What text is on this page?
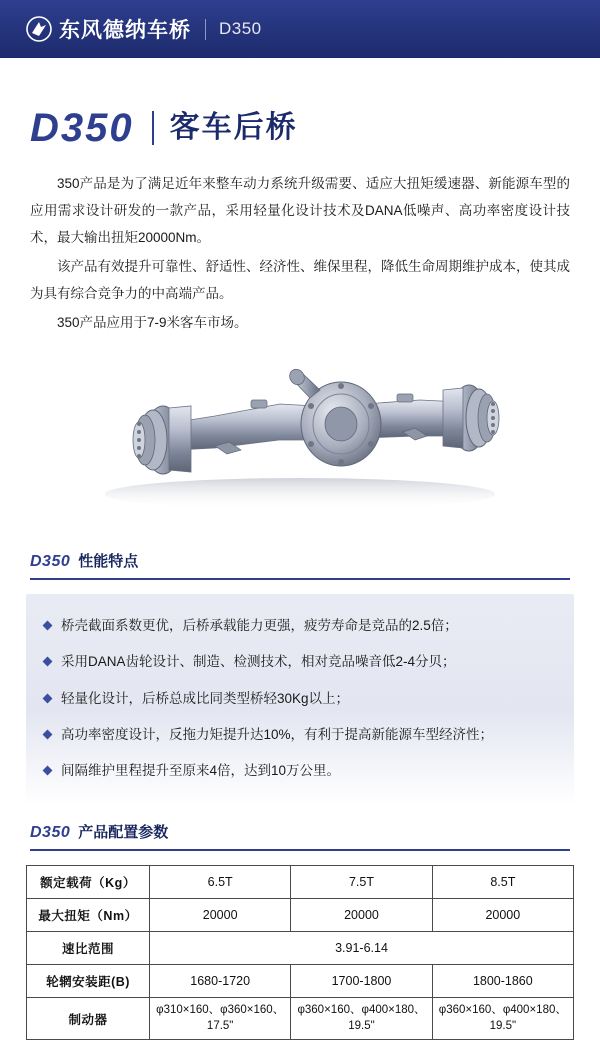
东风德纳车桥 D350
D350 客车后桥

350产品是为了满足近年来整车动力系统升级需要、适应大扭矩缓速器、新能源车型的应用需求设计研发的一款产品，采用轻量化设计技术及DANA低噪声、高功率密度设计技术，最大输出扭矩20000Nm。

该产品有效提升可靠性、舒适性、经济性、维保里程，降低生命周期维护成本，使其成为具有综合竞争力的中高端产品。

350产品应用于7-9米客车市场。

D350 性能特点
桥壳截面系数更优，后桥承载能力更强，疲劳寿命是竞品的2.5倍；
采用DANA齿轮设计、制造、检测技术，相对竞品噪音低2-4分贝；
轻量化设计，后桥总成比同类型桥轻30Kg以上；
高功率密度设计，反拖力矩提升达10%，有利于提高新能源车型经济性；
间隔维护里程提升至原来4倍，达到10万公里。
D350 产品配置参数
额定载荷（Kg）	6.5T	7.5T	8.5T
最大扭矩（Nm）	20000	20000	20000
速比范围	3.91-6.14		
轮辋安装距(B)	1680-1720	1700-1800	1800-1860
制动器	φ310×160、φ360×160、17.5"	φ360×160、φ400×180、19.5"	φ360×160、φ400×180、19.5"
